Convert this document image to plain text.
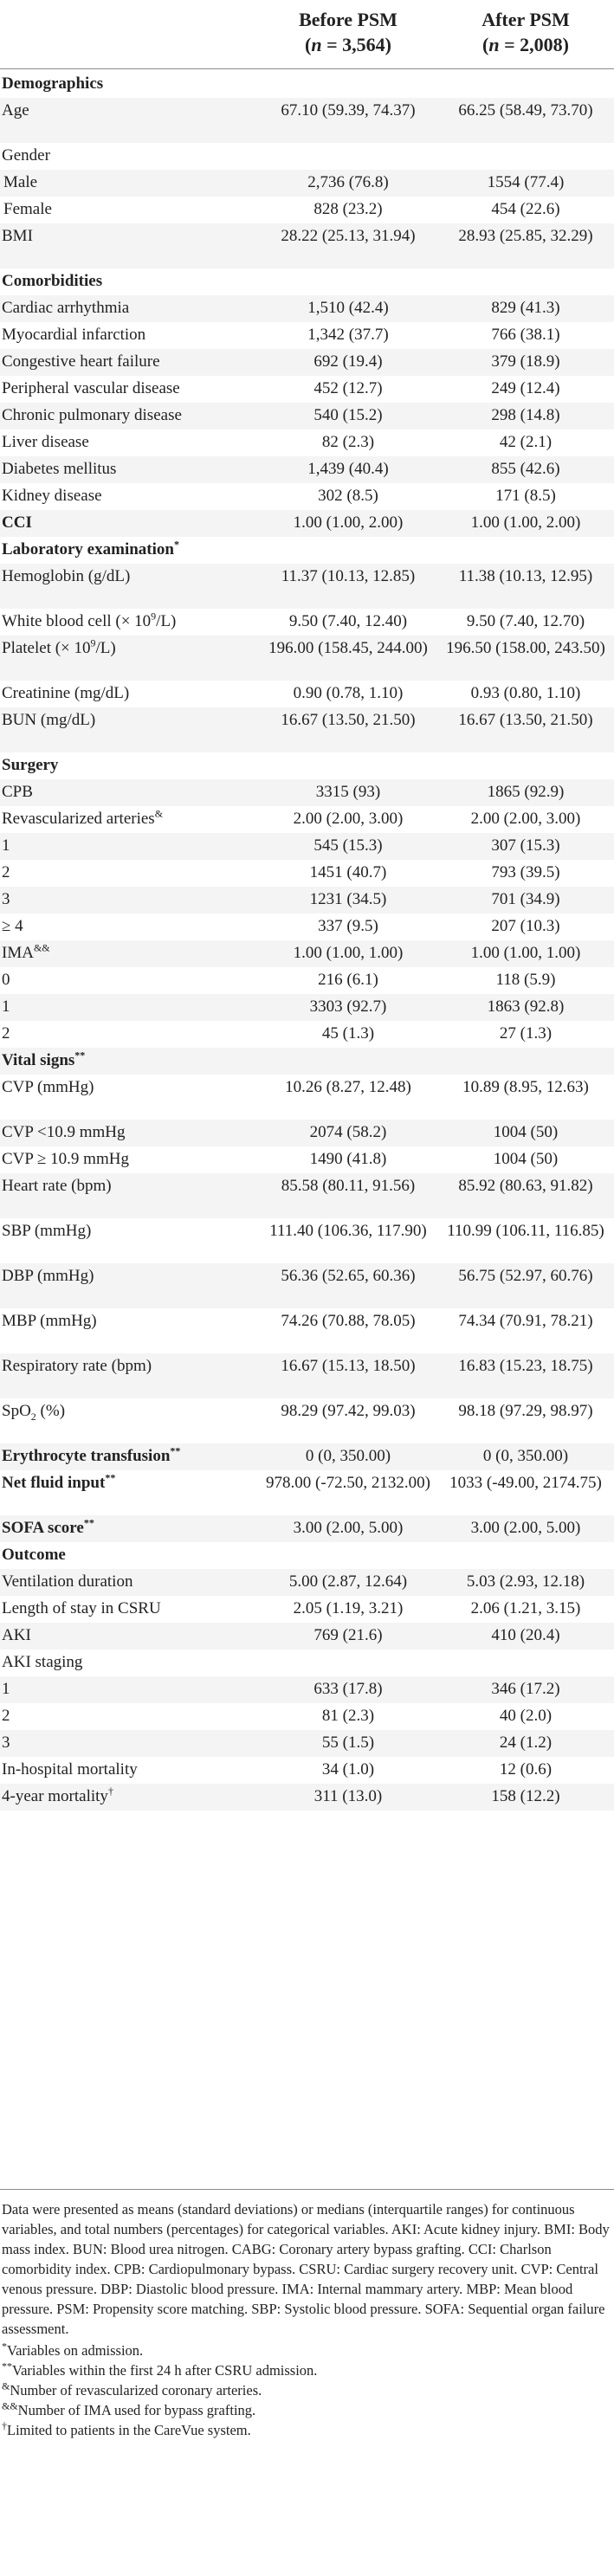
Before PSM
(n = 3,564)
After PSM
(n = 2,008)
Demographics
Age	67.10 (59.39, 74.37)	66.25 (58.49, 73.70)
Gender
Male	2,736 (76.8)	1554 (77.4)
Female	828 (23.2)	454 (22.6)
BMI	28.22 (25.13, 31.94)	28.93 (25.85, 32.29)
Comorbidities
Cardiac arrhythmia	1,510 (42.4)	829 (41.3)
Myocardial infarction	1,342 (37.7)	766 (38.1)
Congestive heart failure	692 (19.4)	379 (18.9)
Peripheral vascular disease	452 (12.7)	249 (12.4)
Chronic pulmonary disease	540 (15.2)	298 (14.8)
Liver disease	82 (2.3)	42 (2.1)
Diabetes mellitus	1,439 (40.4)	855 (42.6)
Kidney disease	302 (8.5)	171 (8.5)
CCI	1.00 (1.00, 2.00)	1.00 (1.00, 2.00)
Laboratory examination*
Hemoglobin (g/dL)	11.37 (10.13, 12.85)	11.38 (10.13, 12.95)
White blood cell (× $10^9/L$)	9.50 (7.40, 12.40)	9.50 (7.40, 12.70)
Platelet (× $10^9/L$)	196.00 (158.45, 244.00)	196.50 (158.00, 243.50)
Creatinine (mg/dL)	0.90 (0.78, 1.10)	0.93 (0.80, 1.10)
BUN (mg/dL)	16.67 (13.50, 21.50)	16.67 (13.50, 21.50)
Surgery
CPB	3315 (93)	1865 (92.9)
Revascularized arteries&	2.00 (2.00, 3.00)	2.00 (2.00, 3.00)
1	545 (15.3)	307 (15.3)
2	1451 (40.7)	793 (39.5)
3	1231 (34.5)	701 (34.9)
≥ 4	337 (9.5)	207 (10.3)
IMA&&	1.00 (1.00, 1.00)	1.00 (1.00, 1.00)
0	216 (6.1)	118 (5.9)
1	3303 (92.7)	1863 (92.8)
2	45 (1.3)	27 (1.3)
Vital signs**
CVP (mmHg)	10.26 (8.27, 12.48)	10.89 (8.95, 12.63)
CVP <10.9 mmHg	2074 (58.2)	1004 (50)
CVP ≥ 10.9 mmHg	1490 (41.8)	1004 (50)
Heart rate (bpm)	85.58 (80.11, 91.56)	85.92 (80.63, 91.82)
SBP (mmHg)	111.40 (106.36, 117.90)	110.99 (106.11, 116.85)
DBP (mmHg)	56.36 (52.65, 60.36)	56.75 (52.97, 60.76)
MBP (mmHg)	74.26 (70.88, 78.05)	74.34 (70.91, 78.21)
Respiratory rate (bpm)	16.67 (15.13, 18.50)	16.83 (15.23, 18.75)
SpO$_2$ (%)	98.29 (97.42, 99.03)	98.18 (97.29, 98.97)
Erythrocyte transfusion**	0 (0, 350.00)	0 (0, 350.00)
Net fluid input**	978.00 (-72.50, 2132.00)	1033 (-49.00, 2174.75)
SOFA score**	3.00 (2.00, 5.00)	3.00 (2.00, 5.00)
Outcome
Ventilation duration	5.00 (2.87, 12.64)	5.03 (2.93, 12.18)
Length of stay in CSRU	2.05 (1.19, 3.21)	2.06 (1.21, 3.15)
AKI	769 (21.6)	410 (20.4)
AKI staging
1	633 (17.8)	346 (17.2)
2	81 (2.3)	40 (2.0)
3	55 (1.5)	24 (1.2)
In-hospital mortality	34 (1.0)	12 (0.6)
4-year mortality†	311 (13.0)	158 (12.2)

Data were presented as means (standard deviations) or medians (interquartile ranges) for continuous variables, and total numbers (percentages) for categorical variables. AKI: Acute kidney injury. BMI: Body mass index. BUN: Blood urea nitrogen. CABG: Coronary artery bypass grafting. CCI: Charlson comorbidity index. CPB: Cardiopulmonary bypass. CSRU: Cardiac surgery recovery unit. CVP: Central venous pressure. DBP: Diastolic blood pressure. IMA: Internal mammary artery. MBP: Mean blood pressure. PSM: Propensity score matching. SBP: Systolic blood pressure. SOFA: Sequential organ failure assessment.

*Variables on admission.

**Variables within the first 24 h after CSRU admission.

&Number of revascularized coronary arteries.

&&Number of IMA used for bypass grafting.

†Limited to patients in the CareVue system.
